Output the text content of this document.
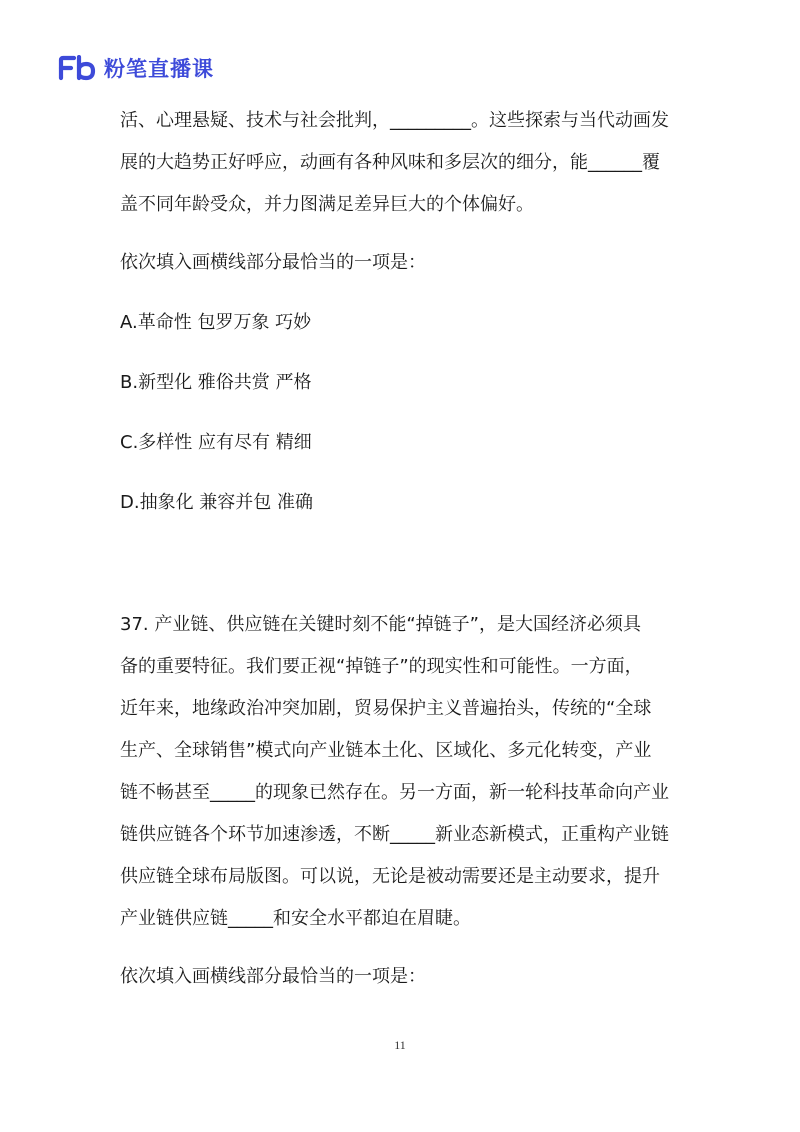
粉笔直播课

活、心理悬疑、技术与社会批判，_________。这些探索与当代动画发

展的大趋势正好呼应，动画有各种风味和多层次的细分，能______覆

盖不同年龄受众，并力图满足差异巨大的个体偏好。

依次填入画横线部分最恰当的一项是：

A.革命性 包罗万象 巧妙

B.新型化 雅俗共赏 严格

C.多样性 应有尽有 精细

D.抽象化 兼容并包 准确

37. 产业链、供应链在关键时刻不能“掉链子”，是大国经济必须具

备的重要特征。我们要正视“掉链子”的现实性和可能性。一方面，

近年来，地缘政治冲突加剧，贸易保护主义普遍抬头，传统的“全球

生产、全球销售”模式向产业链本土化、区域化、多元化转变，产业

链不畅甚至_____的现象已然存在。另一方面，新一轮科技革命向产业

链供应链各个环节加速渗透，不断_____新业态新模式，正重构产业链

供应链全球布局版图。可以说，无论是被动需要还是主动要求，提升

产业链供应链_____和安全水平都迫在眉睫。

依次填入画横线部分最恰当的一项是：

11
